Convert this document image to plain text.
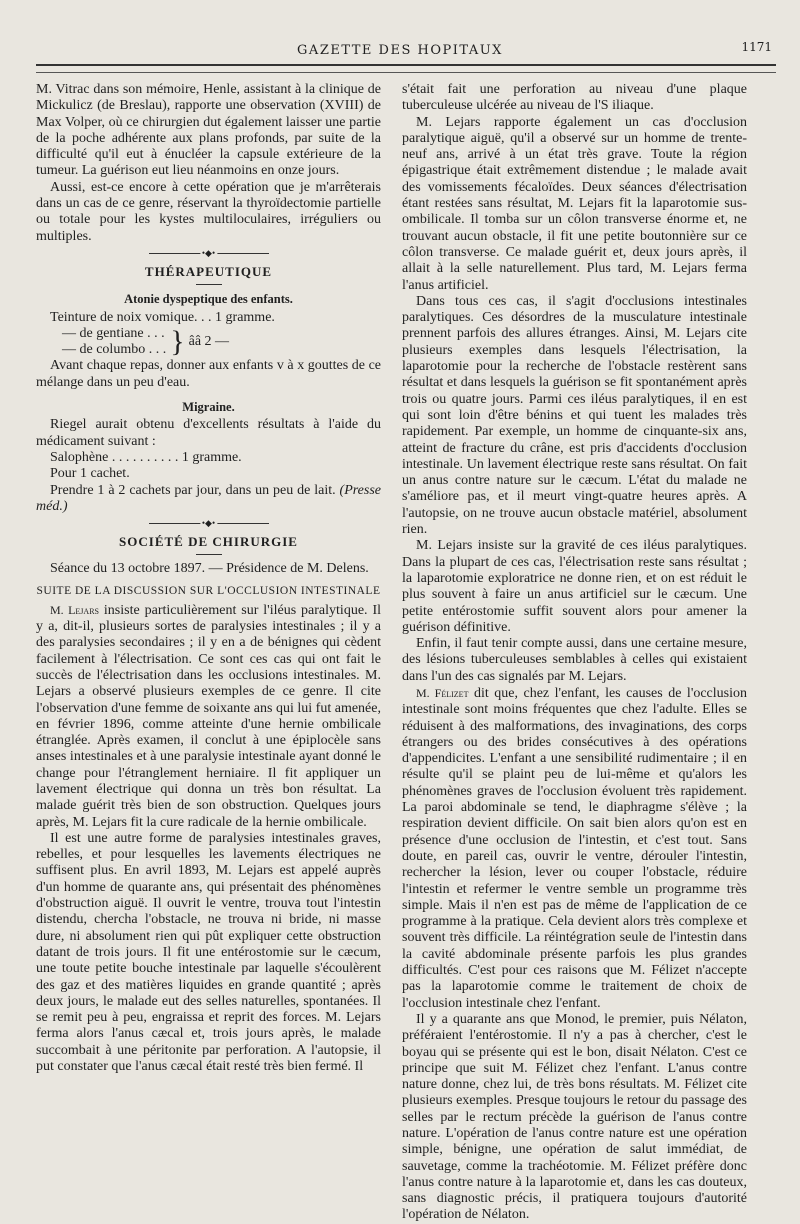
GAZETTE DES HOPITAUX	1171

M. Vitrac dans son mémoire, Henle, assistant à la clinique de Mickulicz (de Breslau), rapporte une observation (XVIII) de Max Volper, où ce chirurgien dut également laisser une partie de la poche adhérente aux plans profonds, par suite de la difficulté qu'il eut à énucléer la capsule extérieure de la tumeur. La guérison eut lieu néanmoins en onze jours.

Aussi, est-ce encore à cette opération que je m'arrêterais dans un cas de ce genre, réservant la thyroïdectomie partielle ou totale pour les kystes multiloculaires, irréguliers ou multiples.

•◆•
THÉRAPEUTIQUE
Atonie dyspeptique des enfants.
Teinture de noix vomique. . . 1 gramme.
— de gentiane . . .
— de columbo . . . } ââ 2 —

Avant chaque repas, donner aux enfants v à x gouttes de ce mélange dans un peu d'eau.

Migraine.

Riegel aurait obtenu d'excellents résultats à l'aide du médicament suivant :

Salophène . . . . . . . . . . 1 gramme.
Pour 1 cachet.

Prendre 1 à 2 cachets par jour, dans un peu de lait. (Presse méd.)

•◆•
SOCIÉTÉ DE CHIRURGIE

Séance du 13 octobre 1897. — Présidence de M. Delens.

SUITE DE LA DISCUSSION SUR L'OCCLUSION INTESTINALE

M. Lejars insiste particulièrement sur l'iléus paralytique. Il y a, dit-il, plusieurs sortes de paralysies intestinales ; il y a des paralysies secondaires ; il y en a de bénignes qui cèdent facilement à l'électrisation. Ce sont ces cas qui ont fait le succès de l'électrisation dans les occlusions intestinales. M. Lejars a observé plusieurs exemples de ce genre. Il cite l'observation d'une femme de soixante ans qui lui fut amenée, en février 1896, comme atteinte d'une hernie ombilicale étranglée. Après examen, il conclut à une épiplocèle sans anses intestinales et à une paralysie intestinale ayant donné le change pour l'étranglement herniaire. Il fit appliquer un lavement électrique qui donna un très bon résultat. La malade guérit très bien de son obstruction. Quelques jours après, M. Lejars fit la cure radicale de la hernie ombilicale.

Il est une autre forme de paralysies intestinales graves, rebelles, et pour lesquelles les lavements électriques ne suffisent plus. En avril 1893, M. Lejars est appelé auprès d'un homme de quarante ans, qui présentait des phénomènes d'obstruction aiguë. Il ouvrit le ventre, trouva tout l'intestin distendu, chercha l'obstacle, ne trouva ni bride, ni masse dure, ni absolument rien qui pût expliquer cette obstruction datant de trois jours. Il fit une entérostomie sur le cæcum, une toute petite bouche intestinale par laquelle s'écoulèrent des gaz et des matières liquides en grande quantité ; après deux jours, le malade eut des selles naturelles, spontanées. Il se remit peu à peu, engraissa et reprit des forces. M. Lejars ferma alors l'anus cæcal et, trois jours après, le malade succombait à une péritonite par perforation. A l'autopsie, il put constater que l'anus cæcal était resté très bien fermé. Il

s'était fait une perforation au niveau d'une plaque tuberculeuse ulcérée au niveau de l'S iliaque.

M. Lejars rapporte également un cas d'occlusion paralytique aiguë, qu'il a observé sur un homme de trente-neuf ans, arrivé à un état très grave. Toute la région épigastrique était extrêmement distendue ; le malade avait des vomissements fécaloïdes. Deux séances d'électrisation étant restées sans résultat, M. Lejars fit la laparotomie sus-ombilicale. Il tomba sur un côlon transverse énorme et, ne trouvant aucun obstacle, il fit une petite boutonnière sur ce côlon transverse. Ce malade guérit et, deux jours après, il allait à la selle naturellement. Plus tard, M. Lejars ferma l'anus artificiel.

Dans tous ces cas, il s'agit d'occlusions intestinales paralytiques. Ces désordres de la musculature intestinale prennent parfois des allures étranges. Ainsi, M. Lejars cite plusieurs exemples dans lesquels l'électrisation, la laparotomie pour la recherche de l'obstacle restèrent sans résultat et dans lesquels la guérison se fit spontanément après trois ou quatre jours. Parmi ces iléus paralytiques, il en est qui sont loin d'être bénins et qui tuent les malades très rapidement. Par exemple, un homme de cinquante-six ans, atteint de fracture du crâne, est pris d'accidents d'occlusion intestinale. Un lavement électrique reste sans résultat. On fait un anus contre nature sur le cæcum. L'état du malade ne s'améliore pas, et il meurt vingt-quatre heures après. A l'autopsie, on ne trouve aucun obstacle matériel, absolument rien.

M. Lejars insiste sur la gravité de ces iléus paralytiques. Dans la plupart de ces cas, l'électrisation reste sans résultat ; la laparotomie exploratrice ne donne rien, et on est réduit le plus souvent à faire un anus artificiel sur le cæcum. Une petite entérostomie suffit souvent alors pour amener la guérison définitive.

Enfin, il faut tenir compte aussi, dans une certaine mesure, des lésions tuberculeuses semblables à celles qui existaient dans l'un des cas signalés par M. Lejars.

M. Félizet dit que, chez l'enfant, les causes de l'occlusion intestinale sont moins fréquentes que chez l'adulte. Elles se réduisent à des malformations, des invaginations, des corps étrangers ou des brides consécutives à des opérations d'appendicites. L'enfant a une sensibilité rudimentaire ; il en résulte qu'il se plaint peu de lui-même et qu'alors les phénomènes graves de l'occlusion évoluent très rapidement. La paroi abdominale se tend, le diaphragme s'élève ; la respiration devient difficile. On sait bien alors qu'on est en présence d'une occlusion de l'intestin, et c'est tout. Sans doute, en pareil cas, ouvrir le ventre, dérouler l'intestin, rechercher la lésion, lever ou couper l'obstacle, réduire l'intestin et refermer le ventre semble un programme très simple. Mais il n'en est pas de même de l'application de ce programme à la pratique. Cela devient alors très complexe et souvent très difficile. La réintégration seule de l'intestin dans la cavité abdominale présente parfois les plus grandes difficultés. C'est pour ces raisons que M. Félizet n'accepte pas la laparotomie comme le traitement de choix de l'occlusion intestinale chez l'enfant.

Il y a quarante ans que Monod, le premier, puis Nélaton, préféraient l'entérostomie. Il n'y a pas à chercher, c'est le boyau qui se présente qui est le bon, disait Nélaton. C'est ce principe que suit M. Félizet chez l'enfant. L'anus contre nature donne, chez lui, de très bons résultats. M. Félizet cite plusieurs exemples. Presque toujours le retour du passage des selles par le rectum précède la guérison de l'anus contre nature. L'opération de l'anus contre nature est une opération simple, bénigne, une opération de salut immédiat, de sauvetage, comme la trachéotomie. M. Félizet préfère donc l'anus contre nature à la laparotomie et, dans les cas douteux, sans diagnostic précis, il pratiquera toujours d'autorité l'opération de Nélaton.
